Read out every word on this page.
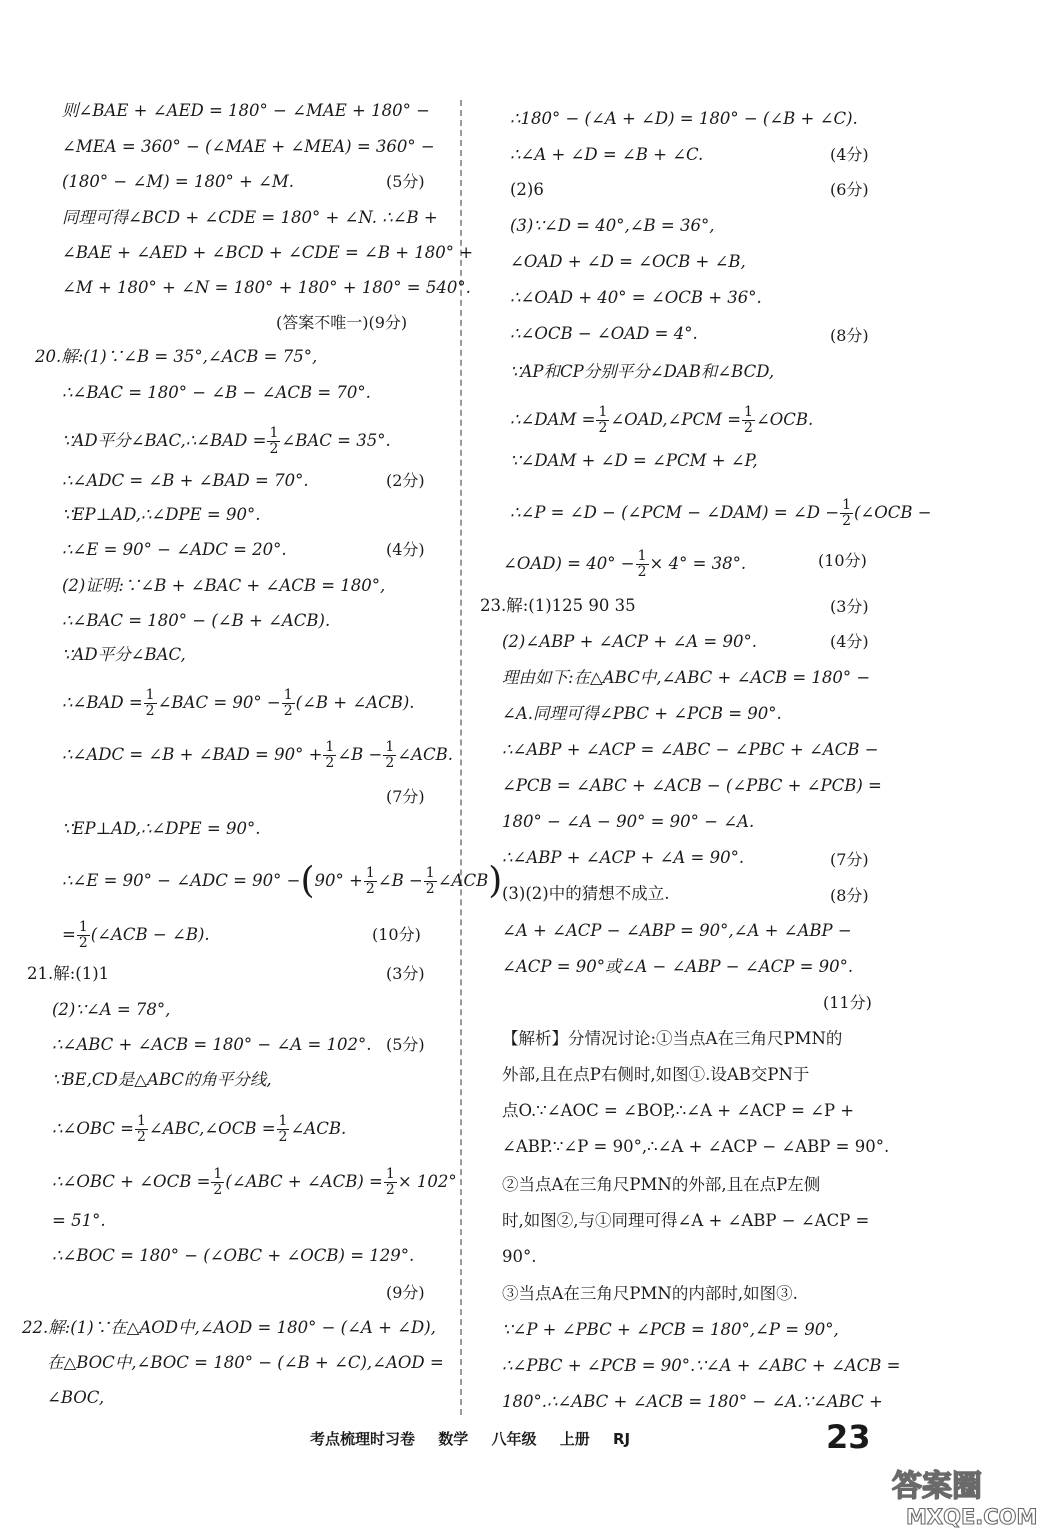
则∠BAE + ∠AED = 180° − ∠MAE + 180° −
∠MEA = 360° − (∠MAE + ∠MEA) = 360° −
(180° − ∠M) = 180° + ∠M.	(5分)
同理可得∠BCD + ∠CDE = 180° + ∠N. ∴∠B +
∠BAE + ∠AED + ∠BCD + ∠CDE = ∠B + 180° +
∠M + 180° + ∠N = 180° + 180° + 180° = 540°.
(答案不唯一)(9分)
20.解:(1)∵∠B = 35°,∠ACB = 75°,
∴∠BAC = 180° − ∠B − ∠ACB = 70°.
∵AD平分∠BAC,∴∠BAD = $\frac{1}{2}$ ∠BAC = 35°.
∴∠ADC = ∠B + ∠BAD = 70°.	(2分)
∵EP⊥AD,∴∠DPE = 90°.
∴∠E = 90° − ∠ADC = 20°.	(4分)
(2)证明:∵∠B + ∠BAC + ∠ACB = 180°,
∴∠BAC = 180° − (∠B + ∠ACB).
∵AD平分∠BAC,
∴∠BAD = $\frac{1}{2}$ ∠BAC = $90^\circ - \frac{1}{2}$ (∠B + ∠ACB).
∴∠ADC = ∠B + ∠BAD = $90^\circ + \frac{1}{2}$ ∠B − $\frac{1}{2}$ ∠ACB.
(7分)
∵EP⊥AD,∴∠DPE = 90°.
∴∠E = 90° − ∠ADC = $90^\circ -(90^\circ + \frac{1}{2}$ ∠B − $\frac{1}{2}$ ∠ACB)
= $\frac{1}{2}$ (∠ACB − ∠B).	(10分)
21.解:(1)1	(3分)
(2)∵∠A = 78°,
∴∠ABC + ∠ACB = 180° − ∠A = 102°. (5分)
∵BE,CD是△ABC的角平分线,
∴∠OBC = $\frac{1}{2}$ ∠ABC,∠OCB = $\frac{1}{2}$ ∠ACB.
∴∠OBC + ∠OCB = $\frac{1}{2}$ (∠ABC + ∠ACB) = $\frac{1}{2} \times 102^\circ$
= 51°.
∴∠BOC = 180° − (∠OBC + ∠OCB) = 129°.
(9分)
22.解:(1)∵在△AOD中,∠AOD = 180° − (∠A + ∠D),
在△BOC中,∠BOC = 180° − (∠B + ∠C),∠AOD =
∠BOC,
∴180° − (∠A + ∠D) = 180° − (∠B + ∠C).
∴∠A + ∠D = ∠B + ∠C.	(4分)
(2)6	(6分)
(3)∵∠D = 40°,∠B = 36°,
∠OAD + ∠D = ∠OCB + ∠B,
∴∠OAD + 40° = ∠OCB + 36°.
∴∠OCB − ∠OAD = 4°.	(8分)
∵AP和CP分别平分∠DAB和∠BCD,
∴∠DAM = $\frac{1}{2}$ ∠OAD,∠PCM = $\frac{1}{2}$ ∠OCB.
∵∠DAM + ∠D = ∠PCM + ∠P,
∴∠P = ∠D − (∠PCM − ∠DAM) = ∠D − $\frac{1}{2}$ (∠OCB −
∠OAD) = $40^\circ - \frac{1}{2} \times 4^\circ = 38^\circ$.	(10分)
23.解:(1)125 90 35	(3分)
(2)∠ABP + ∠ACP + ∠A = 90°.	(4分)
理由如下:在△ABC中,∠ABC + ∠ACB = 180° −
∠A.同理可得∠PBC + ∠PCB = 90°.
∴∠ABP + ∠ACP = ∠ABC − ∠PBC + ∠ACB −
∠PCB = ∠ABC + ∠ACB − (∠PBC + ∠PCB) =
180° − ∠A − 90° = 90° − ∠A.
∴∠ABP + ∠ACP + ∠A = 90°.	(7分)
(3)(2)中的猜想不成立.	(8分)
∠A + ∠ACP − ∠ABP = 90°,∠A + ∠ABP −
∠ACP = 90°或∠A − ∠ABP − ∠ACP = 90°.
(11分)
【解析】分情况讨论:①当点A在三角尺PMN的
外部,且在点P右侧时,如图①.设AB交PN于
点O.∵∠AOC = ∠BOP,∴∠A + ∠ACP = ∠P +
∠ABP.∵∠P = 90°,∴∠A + ∠ACP − ∠ABP = 90°.
②当点A在三角尺PMN的外部,且在点P左侧
时,如图②,与①同理可得∠A + ∠ABP − ∠ACP =
90°.
③当点A在三角尺PMN的内部时,如图③.
∵∠P + ∠PBC + ∠PCB = 180°,∠P = 90°,
∴∠PBC + ∠PCB = 90°.∵∠A + ∠ABC + ∠ACB =
180°.∴∠ABC + ∠ACB = 180° − ∠A.∵∠ABC +
考点梳理时习卷 数学 八年级 上册 RJ	23
答案圈
MXQE.COM
